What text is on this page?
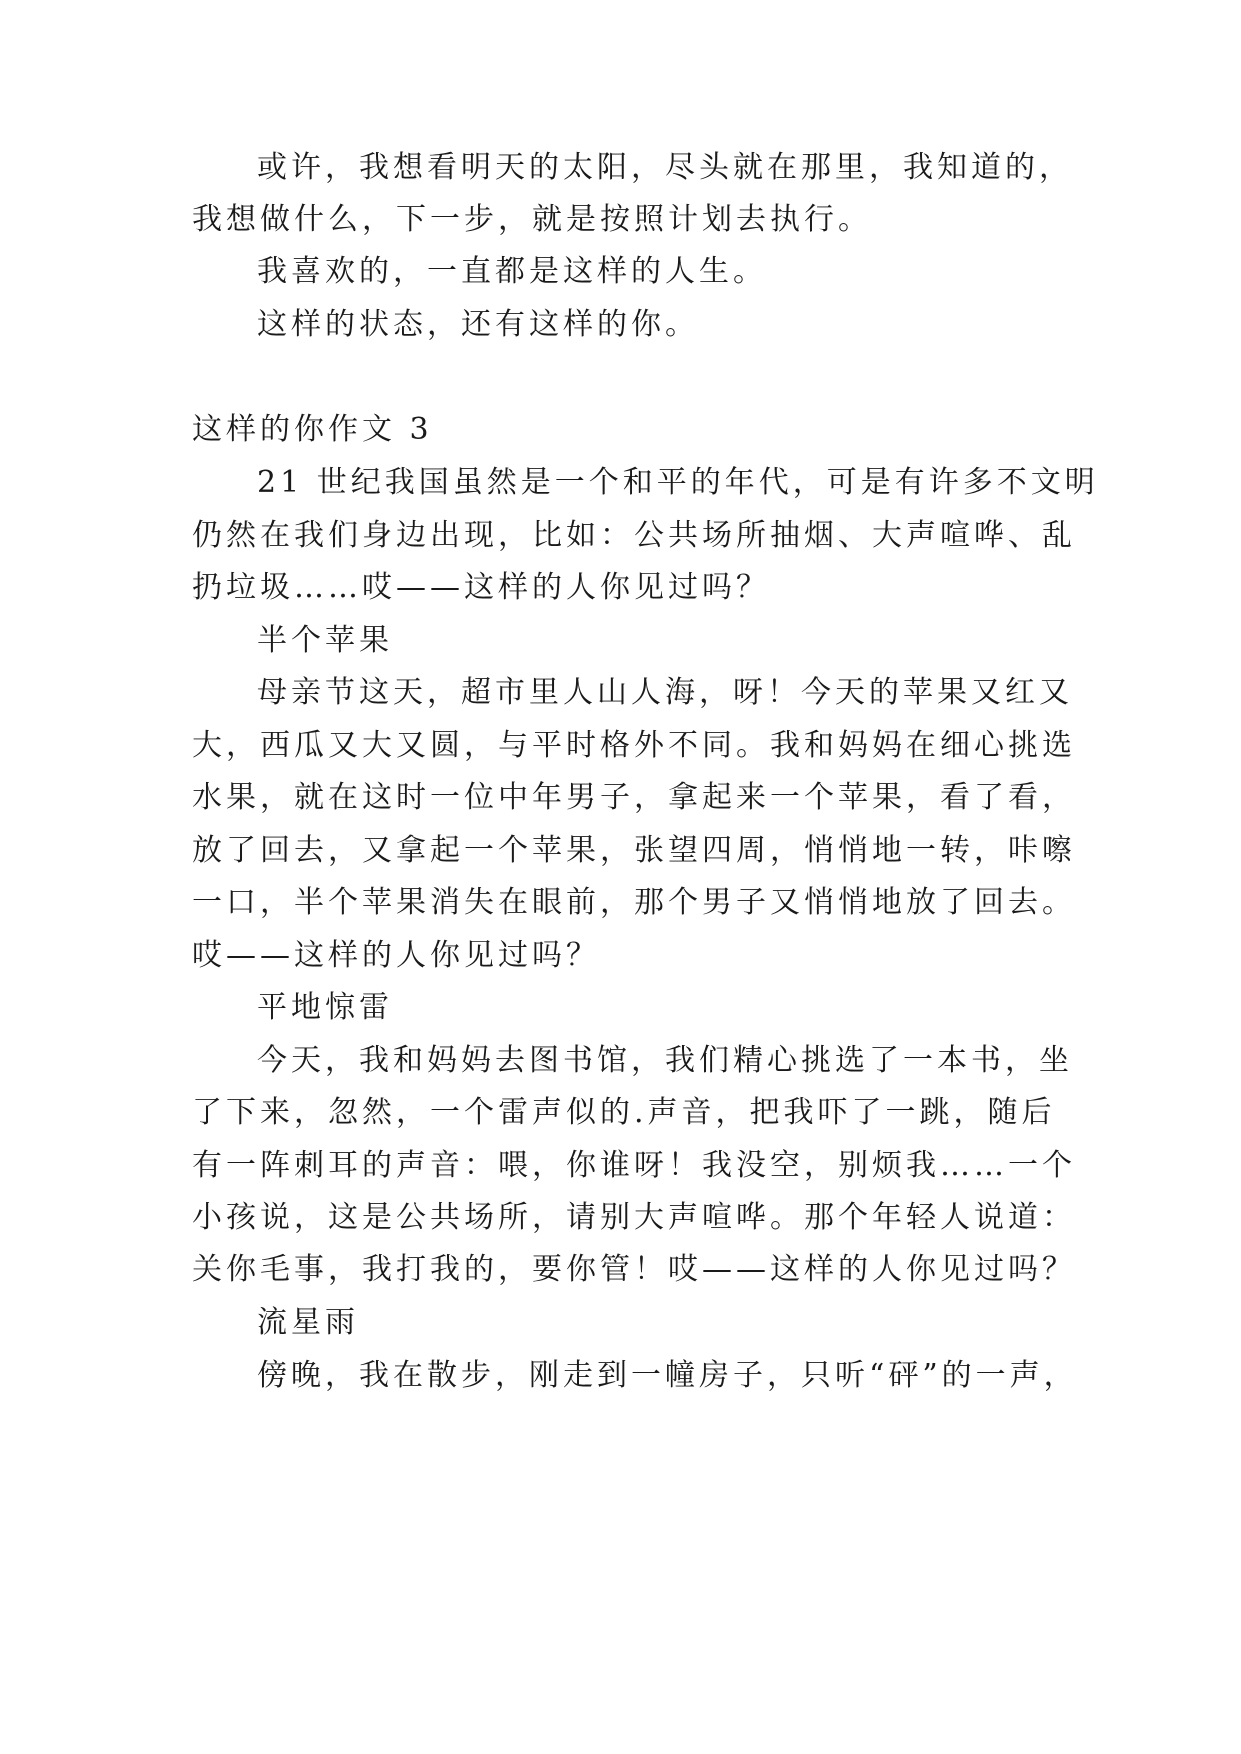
或许，我想看明天的太阳，尽头就在那里，我知道的，

我想做什么，下一步，就是按照计划去执行。

我喜欢的，一直都是这样的人生。

这样的状态，还有这样的你。

这样的你作文 3

21 世纪我国虽然是一个和平的年代，可是有许多不文明

仍然在我们身边出现，比如：公共场所抽烟、大声喧哗、乱

扔垃圾……哎——这样的人你见过吗？

半个苹果

母亲节这天，超市里人山人海，呀！今天的苹果又红又

大，西瓜又大又圆，与平时格外不同。我和妈妈在细心挑选

水果，就在这时一位中年男子，拿起来一个苹果，看了看，

放了回去，又拿起一个苹果，张望四周，悄悄地一转，咔嚓

一口，半个苹果消失在眼前，那个男子又悄悄地放了回去。

哎——这样的人你见过吗？

平地惊雷

今天，我和妈妈去图书馆，我们精心挑选了一本书，坐

了下来，忽然，一个雷声似的.声音，把我吓了一跳，随后

有一阵刺耳的声音：喂，你谁呀！我没空，别烦我……一个

小孩说，这是公共场所，请别大声喧哗。那个年轻人说道：

关你毛事，我打我的，要你管！哎——这样的人你见过吗？

流星雨

傍晚，我在散步，刚走到一幢房子，只听“砰”的一声，
